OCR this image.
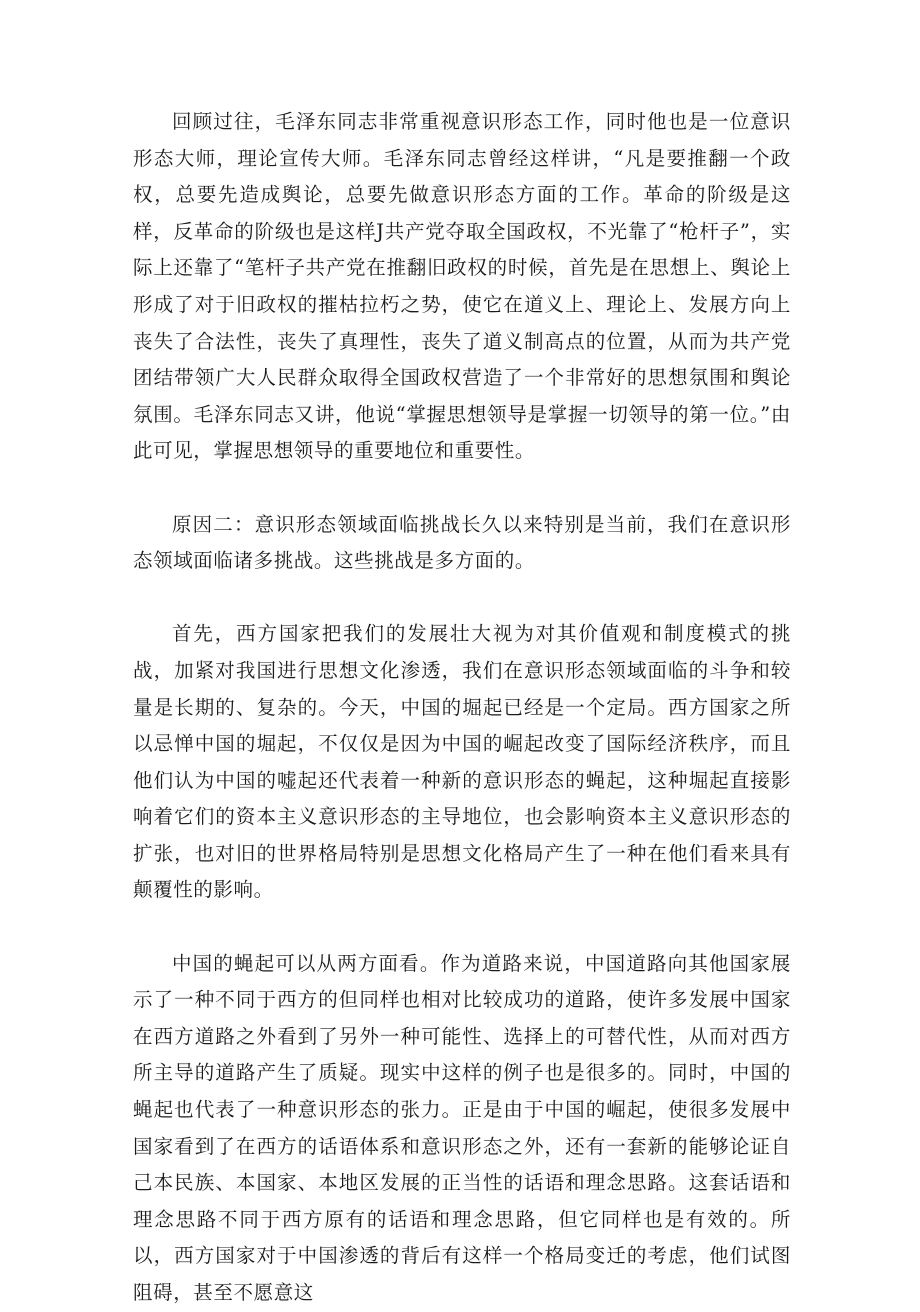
回顾过往，毛泽东同志非常重视意识形态工作，同时他也是一位意识形态大师，理论宣传大师。毛泽东同志曾经这样讲，“凡是要推翻一个政权，总要先造成舆论，总要先做意识形态方面的工作。革命的阶级是这样，反革命的阶级也是这样J共产党夺取全国政权，不光靠了“枪杆子”，实际上还靠了“笔杆子共产党在推翻旧政权的时候，首先是在思想上、舆论上形成了对于旧政权的摧枯拉朽之势，使它在道义上、理论上、发展方向上丧失了合法性，丧失了真理性，丧失了道义制高点的位置，从而为共产党团结带领广大人民群众取得全国政权营造了一个非常好的思想氛围和舆论氛围。毛泽东同志又讲，他说“掌握思想领导是掌握一切领导的第一位。”由此可见，掌握思想领导的重要地位和重要性。

原因二：意识形态领域面临挑战长久以来特别是当前，我们在意识形态领域面临诸多挑战。这些挑战是多方面的。

首先，西方国家把我们的发展壮大视为对其价值观和制度模式的挑战，加紧对我国进行思想文化渗透，我们在意识形态领域面临的斗争和较量是长期的、复杂的。今天，中国的堀起已经是一个定局。西方国家之所以忌惮中国的堀起，不仅仅是因为中国的崛起改变了国际经济秩序，而且他们认为中国的嘘起还代表着一种新的意识形态的蝇起，这种堀起直接影响着它们的资本主义意识形态的主导地位，也会影响资本主义意识形态的扩张，也对旧的世界格局特别是思想文化格局产生了一种在他们看来具有颠覆性的影响。

中国的蝇起可以从两方面看。作为道路来说，中国道路向其他国家展示了一种不同于西方的但同样也相对比较成功的道路，使许多发展中国家在西方道路之外看到了另外一种可能性、选择上的可替代性，从而对西方所主导的道路产生了质疑。现实中这样的例子也是很多的。同时，中国的蝇起也代表了一种意识形态的张力。正是由于中国的崛起，使很多发展中国家看到了在西方的话语体系和意识形态之外，还有一套新的能够论证自己本民族、本国家、本地区发展的正当性的话语和理念思路。这套话语和理念思路不同于西方原有的话语和理念思路，但它同样也是有效的。所以，西方国家对于中国渗透的背后有这样一个格局变迁的考虑，他们试图阻碍，甚至不愿意这
